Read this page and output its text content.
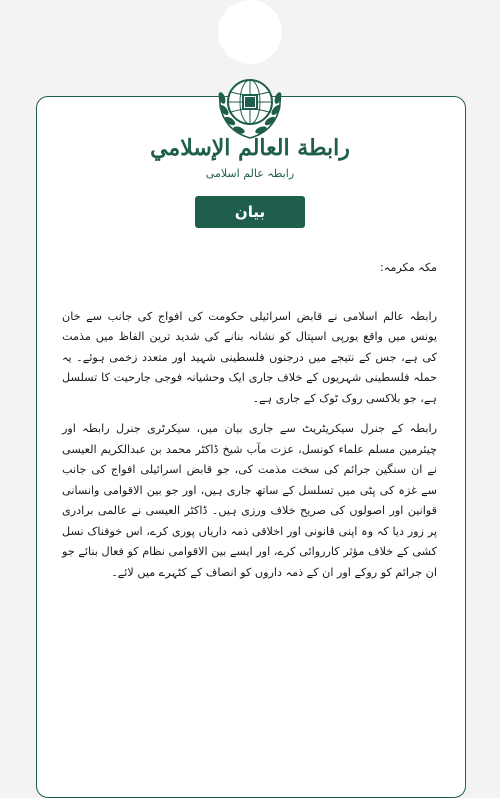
رابطة العالم الإسلامي
رابطہ عالم اسلامی
بیان

مکہ مکرمہ:

رابطہ عالم اسلامی نے قابض اسرائیلی حکومت کی افواج کی جانب سے خان یونس میں واقع یورپی اسپتال کو نشانہ بنانے کی شدید ترین الفاظ میں مذمت کی ہے، جس کے نتیجے میں درجنوں فلسطینی شہید اور متعدد زخمی ہوئے۔ یہ حملہ فلسطینی شہریوں کے خلاف جاری ایک وحشیانہ فوجی جارحیت کا تسلسل ہے، جو بلاکسی روک ٹوک کے جاری ہے۔

رابطہ کے جنرل سیکریٹریٹ سے جاری بیان میں، سیکرٹری جنرل رابطہ اور چیئرمین مسلم علماء کونسل، عزت مآب شیخ ڈاکٹر محمد بن عبدالکریم العیسی نے ان سنگین جرائم کی سخت مذمت کی، جو قابض اسرائیلی افواج کی جانب سے غزہ کی پٹی میں تسلسل کے ساتھ جاری ہیں، اور جو بین الاقوامی وانسانی قوانین اور اصولوں کی صریح خلاف ورزی ہیں۔ ڈاکٹر العیسی نے عالمی برادری پر زور دیا کہ وہ اپنی قانونی اور اخلاقی ذمہ داریاں پوری کرے، اس خوفناک نسل کشی کے خلاف مؤثر کارروائی کرے، اور ایسے بین الاقوامی نظام کو فعال بنائے جو ان جرائم کو روکے اور ان کے ذمہ داروں کو انصاف کے کٹہرے میں لائے۔
